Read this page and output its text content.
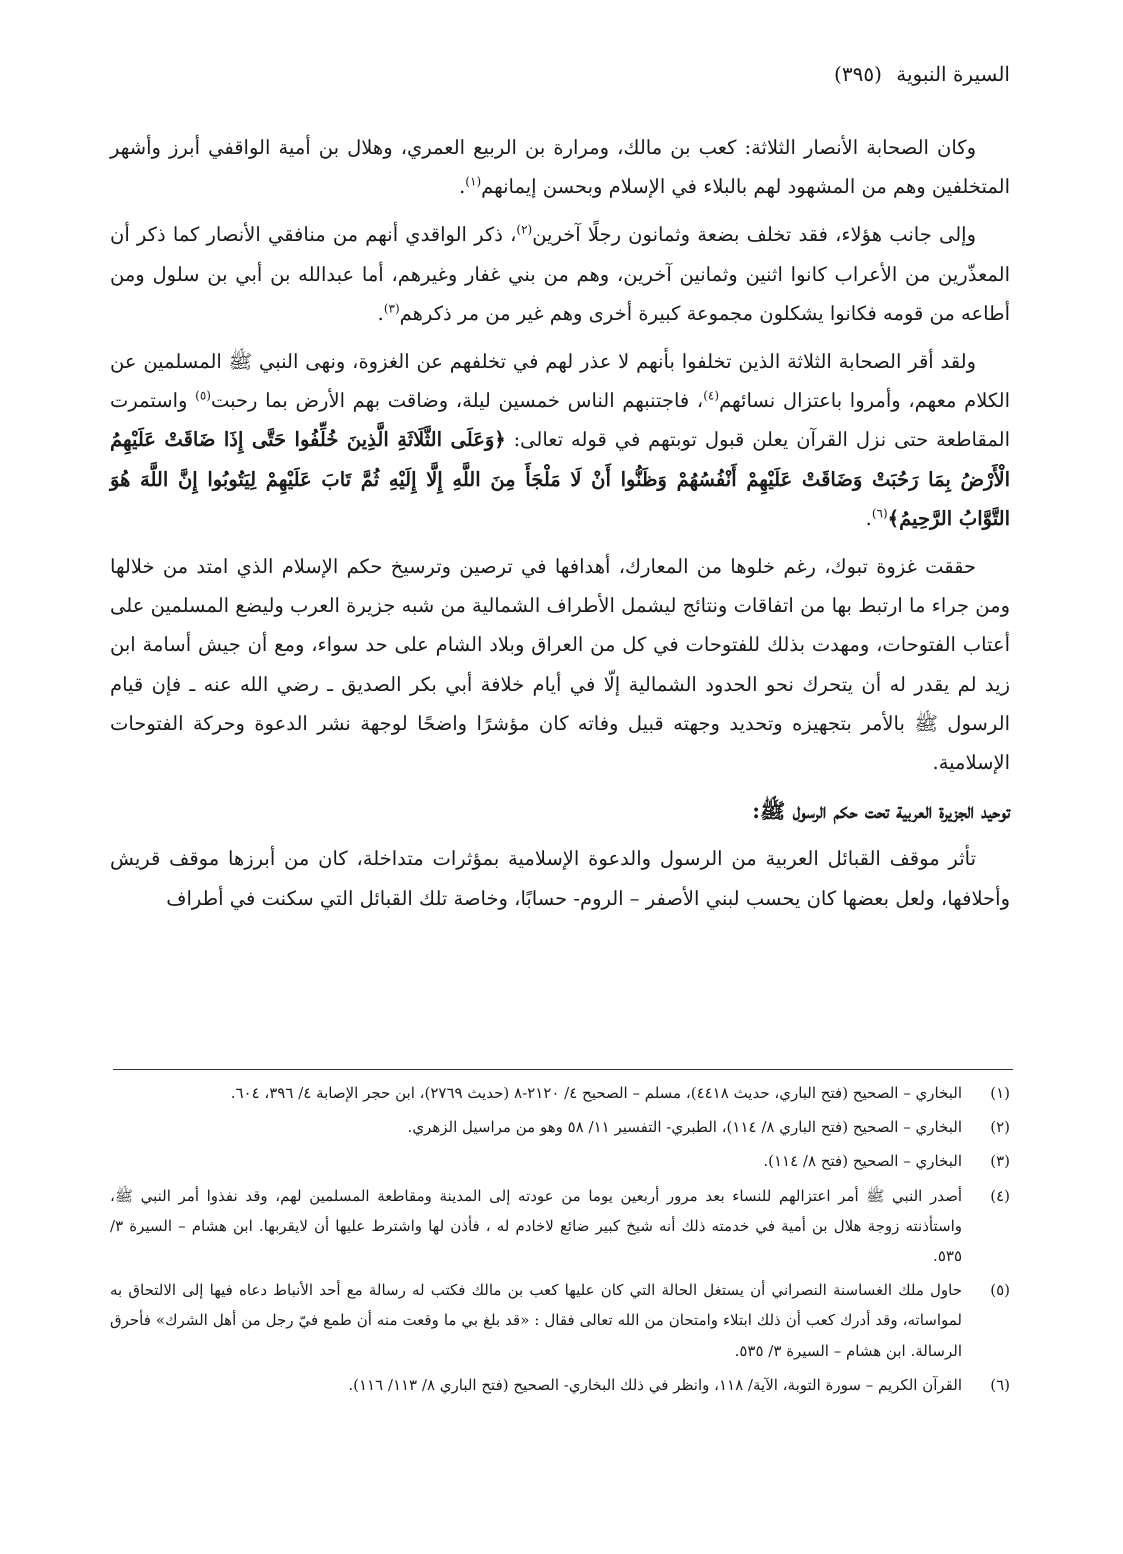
السيرة النبوية (٣٩٥)

وكان الصحابة الأنصار الثلاثة: كعب بن مالك، ومرارة بن الربيع العمري، وهلال بن أمية الواقفي أبرز وأشهر المتخلفين وهم من المشهود لهم بالبلاء في الإسلام وبحسن إيمانهم$^{(١)}$.

وإلى جانب هؤلاء، فقد تخلف بضعة وثمانون رجلًا آخرين$^{(٢)}$، ذكر الواقدي أنهم من منافقي الأنصار كما ذكر أن المعذّرين من الأعراب كانوا اثنين وثمانين آخرين، وهم من بني غفار وغيرهم، أما عبدالله بن أبي بن سلول ومن أطاعه من قومه فكانوا يشكلون مجموعة كبيرة أخرى وهم غير من مر ذكرهم$^{(٣)}$.

ولقد أقر الصحابة الثلاثة الذين تخلفوا بأنهم لا عذر لهم في تخلفهم عن الغزوة، ونهى النبي ﷺ المسلمين عن الكلام معهم، وأمروا باعتزال نسائهم$^{(٤)}$، فاجتنبهم الناس خمسين ليلة، وضاقت بهم الأرض بما رحبت$^{(٥)}$ واستمرت المقاطعة حتى نزل القرآن يعلن قبول توبتهم في قوله تعالى: ﴿وَعَلَى الثَّلَاثَةِ الَّذِينَ خُلِّفُوا حَتَّى إِذَا ضَاقَتْ عَلَيْهِمُ الْأَرْضُ بِمَا رَحُبَتْ وَضَاقَتْ عَلَيْهِمْ أَنْفُسُهُمْ وَظَنُّوا أَنْ لَا مَلْجَأَ مِنَ اللَّهِ إِلَّا إِلَيْهِ ثُمَّ تَابَ عَلَيْهِمْ لِيَتُوبُوا إِنَّ اللَّهَ هُوَ التَّوَّابُ الرَّحِيمُ﴾$^{(٦)}$.

حققت غزوة تبوك، رغم خلوها من المعارك، أهدافها في ترصين وترسيخ حكم الإسلام الذي امتد من خلالها ومن جراء ما ارتبط بها من اتفاقات ونتائج ليشمل الأطراف الشمالية من شبه جزيرة العرب وليضع المسلمين على أعتاب الفتوحات، ومهدت بذلك للفتوحات في كل من العراق وبلاد الشام على حد سواء، ومع أن جيش أسامة ابن زيد لم يقدر له أن يتحرك نحو الحدود الشمالية إلّا في أيام خلافة أبي بكر الصديق ـ رضي الله عنه ـ فإن قيام الرسول ﷺ بالأمر بتجهيزه وتحديد وجهته قبيل وفاته كان مؤشرًا واضحًا لوجهة نشر الدعوة وحركة الفتوحات الإسلامية.

توحيد الجزيرة العربية تحت حكم الرسول ﷺ:

تأثر موقف القبائل العربية من الرسول والدعوة الإسلامية بمؤثرات متداخلة، كان من أبرزها موقف قريش وأحلافها، ولعل بعضها كان يحسب لبني الأصفر – الروم- حسابًا، وخاصة تلك القبائل التي سكنت في أطراف

(١)
البخاري – الصحيح (فتح الباري، حديث ٤٤١٨)، مسلم – الصحيح ٤/ ٢١٢٠-٨ (حديث ٢٧٦٩)، ابن حجر الإصابة ٤/ ٣٩٦، ٦٠٤.
(٢)
البخاري – الصحيح (فتح الباري ٨/ ١١٤)، الطبري- التفسير ١١/ ٥٨ وهو من مراسيل الزهري.
(٣)
البخاري – الصحيح (فتح ٨/ ١١٤).
(٤)
أصدر النبي ﷺ أمر اعتزالهم للنساء بعد مرور أربعين يوما من عودته إلى المدينة ومقاطعة المسلمين لهم، وقد نفذوا أمر النبي ﷺ، واستأذنته زوجة هلال بن أمية في خدمته ذلك أنه شيخ كبير ضائع لاخادم له ، فأذن لها واشترط عليها أن لايقربها. ابن هشام – السيرة ٣/ ٥٣٥.
(٥)
حاول ملك الغساسنة النصراني أن يستغل الحالة التي كان عليها كعب بن مالك فكتب له رسالة مع أحد الأنباط دعاه فيها إلى الالتحاق به لمواساته، وقد أدرك كعب أن ذلك ابتلاء وامتحان من الله تعالى فقال : «قد بلغ بي ما وقعت منه أن طمع فيّ رجل من أهل الشرك» فأحرق الرسالة. ابن هشام – السيرة ٣/ ٥٣٥.
(٦)
القرآن الكريم – سورة التوبة، الآية/ ١١٨، وانظر في ذلك البخاري- الصحيح (فتح الباري ٨/ ١١٣/ ١١٦).
